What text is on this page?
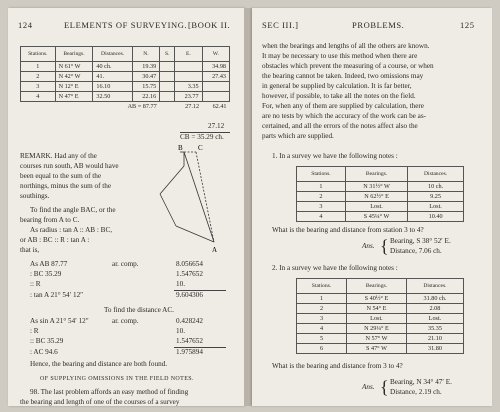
124	ELEMENTS OF SURVEYING. [BOOK II.
Stations.	Bearings.	Distances.	N.	S.	E.	W.
1	N 61° W	40 ch.	19.39			34.98
2	N 42° W	41.	30.47			27.43
3	N 12° E	16.10	15.75		3.35	
4	N 47° E	32.50	22.16		23.77	
		AB = 87.77			27.12	62.41
27.12
CB = 35.29 ch.
REMARK. Had any of the
courses run south, AB would have
been equal to the sum of the
northings, minus the sum of the
southings.
To find the angle BAC, or the
bearing from A to C.
As radius : tan A :: AB : BC,
or AB : BC :: R : tan A :
that is,
B C
A
As AB 87.77	ar. comp.	8.056654
: BC 35.29	1.547652
:: R	10.
: tan A 21° 54′ 12″	9.604306
To find the distance AC.
As sin A 21° 54′ 12″	ar. comp.	0.428242
: R	10.
:: BC 35.29	1.547652
: AC 94.6	1.975894
Hence, the bearing and distance are both found.
OF SUPPLYING OMISSIONS IN THE FIELD NOTES.
98. The last problem affords an easy method of finding
the bearing and length of one of the courses of a survey
SEC III.]	PROBLEMS.	125
when the bearings and lengths of all the others are known.
It may be necessary to use this method when there are
obstacles which prevent the measuring of a course, or when
the bearing cannot be taken. Indeed, two omissions may
in general be supplied by calculation. It is far better,
however, if possible, to take all the notes on the field.
For, when any of them are supplied by calculation, there
are no tests by which the accuracy of the work can be as-
certained, and all the errors of the notes affect also the
parts which are supplied.
1. In a survey we have the following notes :
Stations.	Bearings.	Distances.
1	N 31½° W	10 ch.
2	N 62½° E	9.25
3	Lost.	Lost.
4	S 45¼° W	10.40
What is the bearing and distance from station 3 to 4?
Ans. { Bearing, S 38° 52′ E.
Distance, 7.06 ch.
2. In a survey we have the following notes :
Stations.	Bearings.	Distances.
1	S 40½° E	31.80 ch.
2	N 54° E	2.08
3	Lost.	Lost.
4	N 29¼° E	35.35
5	N 57° W	21.10
6	S 47° W	31.80
What is the bearing and distance from 3 to 4?
Ans. { Bearing, N 34° 47′ E.
Distance, 2.19 ch.
